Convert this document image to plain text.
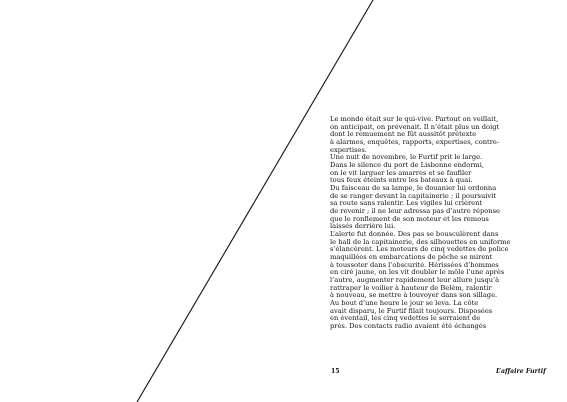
Le monde était sur le qui-vive. Partout on veillait,
on anticipait, on prévenait. Il n’était plus un doigt
dont le remuement ne fût aussitôt prétexte
à alarmes, enquêtes, rapports, expertises, contre-
expertises.
Une nuit de novembre, le Furtif prit le large.
Dans le silence du port de Lisbonne endormi,
on le vit larguer les amarres et se faufiler
tous feux éteints entre les bateaux à quai.
Du faisceau de sa lampe, le douanier lui ordonna
de se ranger devant la capitainerie ; il poursuivit
sa route sans ralentir. Les vigiles lui crièrent
de revenir ; il ne leur adressa pas d’autre réponse
que le ronflement de son moteur et les remous
laissés derrière lui.
L’alerte fut donnée. Des pas se bousculèrent dans
le hall de la capitainerie, des silhouettes en uniforme
s’élancèrent. Les moteurs de cinq vedettes de police
maquillées en embarcations de pêche se mirent
à toussoter dans l’obscurité. Hérissées d’hommes
en ciré jaune, on les vit doubler le môle l’une après
l’autre, augmenter rapidement leur allure jusqu’à
rattraper le voilier à hauteur de Belém, ralentir
à nouveau, se mettre à louvoyer dans son sillage.
Au bout d’une heure le jour se leva. La côte
avait disparu, le Furtif filait toujours. Disposées
en éventail, les cinq vedettes le serraient de
près. Des contacts radio avaient été échangés
15	L’affaire Furtif
